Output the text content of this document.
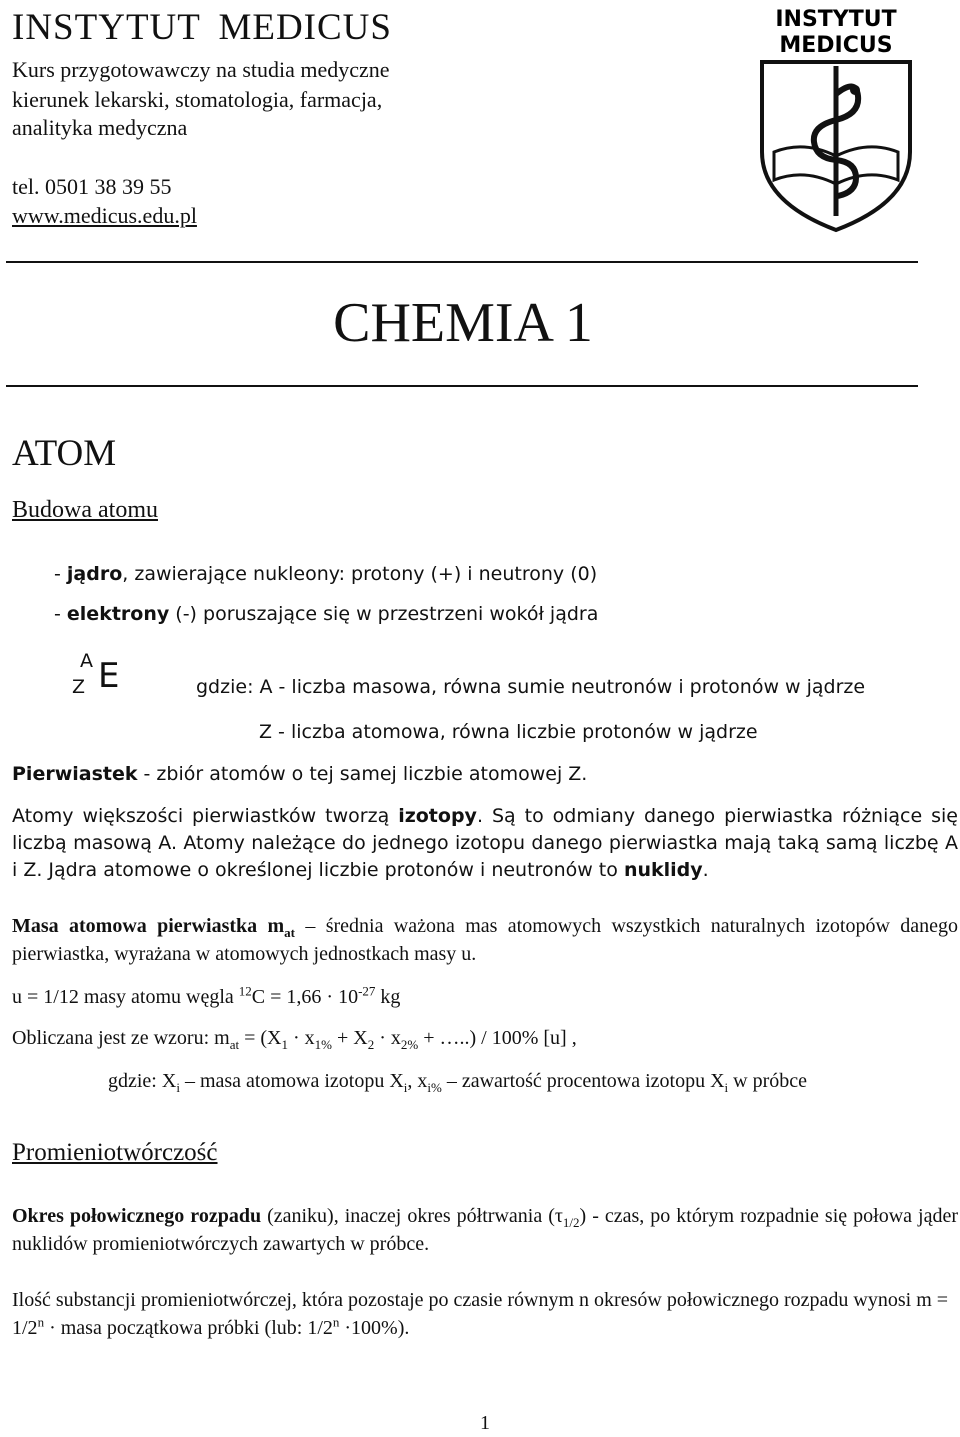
INSTYTUT MEDICUS
Kurs przygotowawczy na studia medyczne
kierunek lekarski, stomatologia, farmacja,
analityka medyczna
tel. 0501 38 39 55
www.medicus.edu.pl
INSTYTUT
MEDICUS
CHEMIA 1
ATOM
Budowa atomu

- jądro, zawierające nukleony: protony (+) i neutrony (0)

- elektrony (-) poruszające się w przestrzeni wokół jądra

A
Z E	gdzie: A - liczba masowa, równa sumie neutronów i protonów w jądrze

Z - liczba atomowa, równa liczbie protonów w jądrze

Pierwiastek - zbiór atomów o tej samej liczbie atomowej Z.

Atomy większości pierwiastków tworzą izotopy. Są to odmiany danego pierwiastka różniące się liczbą masową A. Atomy należące do jednego izotopu danego pierwiastka mają taką samą liczbę A i Z. Jądra atomowe o określonej liczbie protonów i neutronów to nuklidy.

Masa atomowa pierwiastka $m_{at}$ – średnia ważona mas atomowych wszystkich naturalnych izotopów danego pierwiastka, wyrażana w atomowych jednostkach masy u.

u = 1/12 masy atomu węgla $^{12}C = 1,66 \cdot 10^{-27}$ kg

Obliczana jest ze wzoru: $m_{at} = (X_1 \cdot x_{1\%} + X_2 \cdot x_{2\%}$ + …..) / 100% [u] ,

gdzie: $X_i$ – masa atomowa izotopu $X_i$, $x_{i\%}$ – zawartość procentowa izotopu $X_i$ w próbce

Promieniotwórczość

Okres połowicznego rozpadu (zaniku), inaczej okres półtrwania $(\tau_{1/2})$ - czas, po którym rozpadnie się połowa jąder nuklidów promieniotwórczych zawartych w próbce.

Ilość substancji promieniotwórczej, która pozostaje po czasie równym n okresów połowicznego rozpadu wynosi $m = 1/2^n$ · masa początkowa próbki (lub: $1/2^n \cdot 100\%$).

1
